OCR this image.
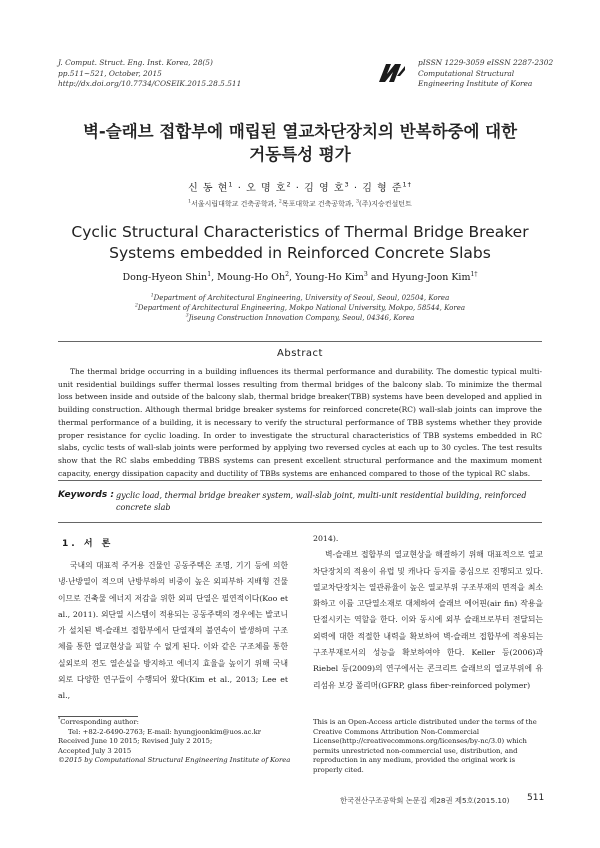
J. Comput. Struct. Eng. Inst. Korea, 28(5)
pp.511~521, October, 2015
http://dx.doi.org/10.7734/COSEIK.2015.28.5.511
pISSN 1229-3059 eISSN 2287-2302
Computational Structural
Engineering Institute of Korea
벽-슬래브 접합부에 매립된 열교차단장치의 반복하중에 대한
거동특성 평가
신 동 현$^1$ · 오 명 호$^2$ · 김 영 호$^3$ · 김 형 준$^{1\dagger}$
$^1$서울시립대학교 건축공학과, $^2$목포대학교 건축공학과, $^3$(주)지승컨설턴트
Cyclic Structural Characteristics of Thermal Bridge Breaker
Systems embedded in Reinforced Concrete Slabs
Dong-Hyeon Shin$^1$, Moung-Ho Oh$^2$, Young-Ho Kim$^3$ and Hyung-Joon Kim$^{1\dagger}$
$^1$Department of Architectural Engineering, University of Seoul, Seoul, 02504, Korea
$^2$Department of Architectural Engineering, Mokpo National University, Mokpo, 58544, Korea
$^3$Jiseung Construction Innovation Company, Seoul, 04346, Korea
Abstract
The thermal bridge occurring in a building influences its thermal performance and durability. The domestic typical multi-unit residential buildings suffer thermal losses resulting from thermal bridges of the balcony slab. To minimize the thermal loss between inside and outside of the balcony slab, thermal bridge breaker(TBB) systems have been developed and applied in building construction. Although thermal bridge breaker systems for reinforced concrete(RC) wall-slab joints can improve the thermal performance of a building, it is necessary to verify the structural performance of TBB systems whether they provide proper resistance for cyclic loading. In order to investigate the structural characteristics of TBB systems embedded in RC slabs, cyclic tests of wall-slab joints were performed by applying two reversed cycles at each up to 30 cycles. The test results show that the RC slabs embedding TBBS systems can present excellent structural performance and the maximum moment capacity, energy dissipation capacity and ductility of TBBs systems are enhanced compared to those of the typical RC slabs.
Keywords : gyclic load, thermal bridge breaker system, wall-slab joint, multi-unit residential building, reinforced concrete slab
1. 서 론
국내의 대표적 주거용 건물인 공동주택은 조명, 기기 등에 의한 냉·난방열이 적으며 난방부하의 비중이 높은 외피부하 지배형 건물이므로 건축물 에너지 저감을 위한 외피 단열은 필연적이다(Koo et al., 2011). 외단열 시스템이 적용되는 공동주택의 경우에는 발코니가 설치된 벽-슬래브 접합부에서 단열재의 불연속이 발생하며 구조체를 통한 열교현상을 피할 수 없게 된다. 이와 같은 구조체를 통한 실외로의 전도 열손실을 방지하고 에너지 효율을 높이기 위해 국내외로 다양한 연구들이 수행되어 왔다(Kim et al., 2013; Lee et al.,
2014).
벽-슬래브 접합부의 열교현상을 해결하기 위해 대표적으로 열교차단장치의 적용이 유럽 및 캐나다 등지를 중심으로 진행되고 있다. 열교차단장치는 열관류율이 높은 열교부위 구조부재의 면적을 최소화하고 이를 고단열소재로 대체하여 슬래브 에어핀(air fin) 작용을 단절시키는 역할을 한다. 이와 동시에 외부 슬래브로부터 전달되는 외력에 대한 적절한 내력을 확보하여 벽-슬래브 접합부에 적용되는 구조부재로서의 성능을 확보하여야 한다. Keller 등(2006)과 Riebel 등(2009)의 연구에서는 콘크리트 슬래브의 열교부위에 유리섬유 보강 폴리머(GFRP, glass fiber-reinforced polymer)
*Corresponding author:
Tel: +82-2-6490-2763; E-mail: hyungjoonkim@uos.ac.kr
Received June 10 2015; Revised July 2 2015;
Accepted July 3 2015
©2015 by Computational Structural Engineering Institute of Korea
This is an Open-Access article distributed under the terms of the Creative Commons Attribution Non-Commercial License(http://creativecommons.org/licenses/by-nc/3.0) which permits unrestricted non-commercial use, distribution, and reproduction in any medium, provided the original work is properly cited.
한국전산구조공학회 논문집 제28권 제5호(2015.10) 511
